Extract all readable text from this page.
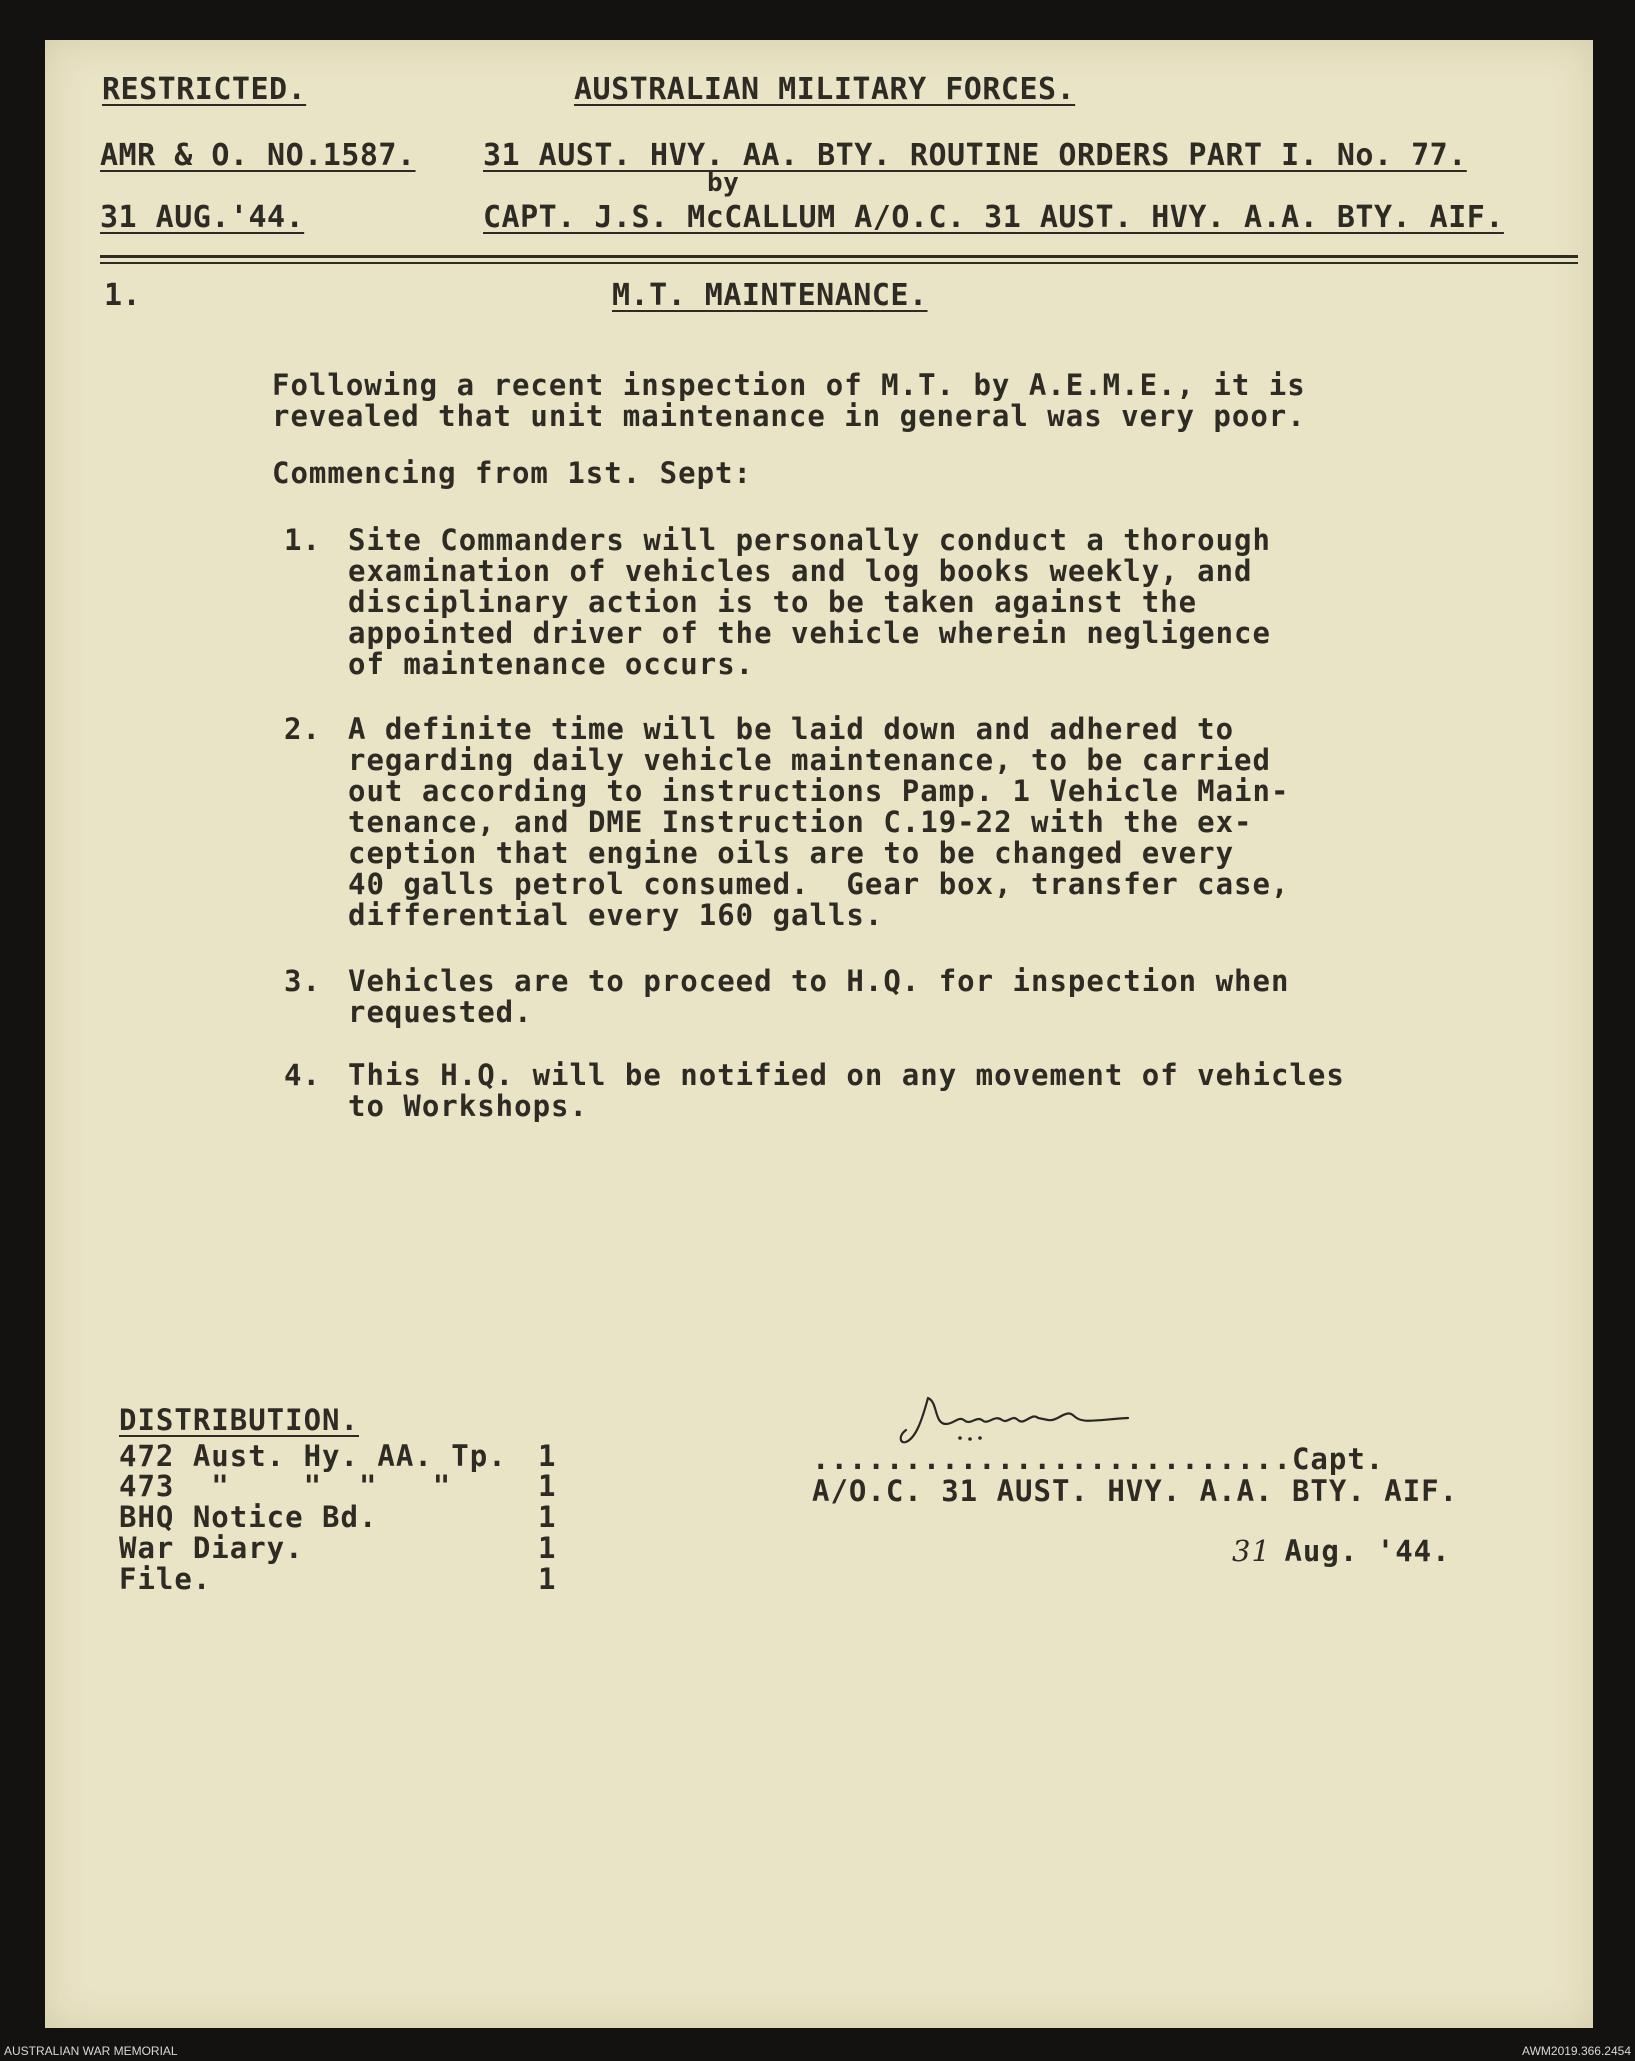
RESTRICTED.	AUSTRALIAN MILITARY FORCES.
AMR & O. NO.1587. 31 AUST. HVY. AA. BTY. ROUTINE ORDERS PART I. No. 77.
by
31 AUG.'44.	CAPT. J.S. McCALLUM A/O.C. 31 AUST. HVY. A.A. BTY. AIF.
1.	M.T. MAINTENANCE.
Following a recent inspection of M.T. by A.E.M.E., it is
revealed that unit maintenance in general was very poor.
Commencing from 1st. Sept:
1. Site Commanders will personally conduct a thorough
examination of vehicles and log books weekly, and
disciplinary action is to be taken against the
appointed driver of the vehicle wherein negligence
of maintenance occurs.
2. A definite time will be laid down and adhered to
regarding daily vehicle maintenance, to be carried
out according to instructions Pamp. 1 Vehicle Main-
tenance, and DME Instruction C.19-22 with the ex-
ception that engine oils are to be changed every
40 galls petrol consumed.  Gear box, transfer case,
differential every 160 galls.
3. Vehicles are to proceed to H.Q. for inspection when
requested.
4. This H.Q. will be notified on any movement of vehicles
to Workshops.
DISTRIBUTION.
472 Aust. Hy. AA. Tp. 1
473  "    "  "   "	1
BHQ Notice Bd.	1
War Diary.	1
File.	1
..........................Capt.
A/O.C. 31 AUST. HVY. A.A. BTY. AIF.
31
Aug. '44.
AUSTRALIAN WAR MEMORIAL	AWM2019.366.2454
